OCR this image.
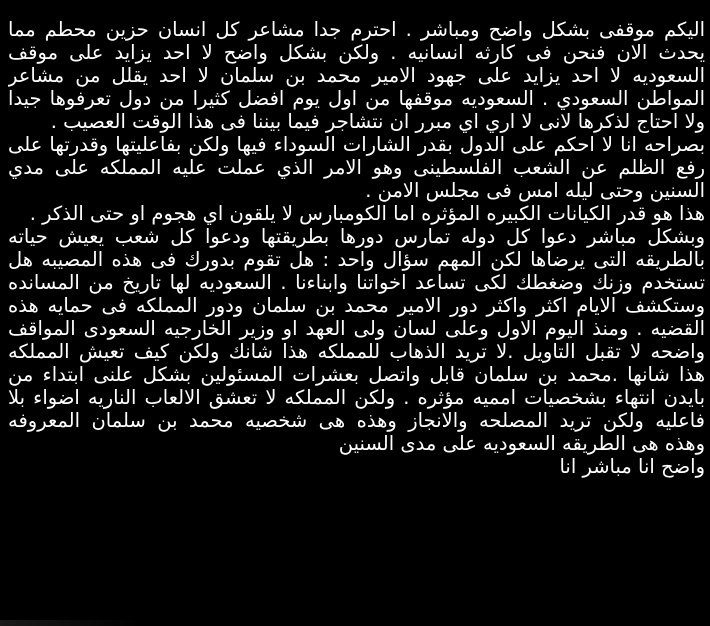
اليكم موقفى بشكل واضح ومباشر . احترم جدا مشاعر كل انسان حزين محطم مما
يحدث الان فنحن فى كارثه انسانيه . ولكن بشكل واضح لا احد يزايد على موقف
السعوديه لا احد يزايد على جهود الامير محمد بن سلمان لا احد يقلل من مشاعر
المواطن السعودي . السعوديه موقفها من اول يوم افضل كثيرا من دول تعرفوها جيدا
ولا احتاج لذكرها لانى لا اري اي مبرر ان نتشاجر فيما بيننا فى هذا الوقت العصيب .
بصراحه انا لا احكم على الدول بقدر الشارات السوداء فيها ولكن بفاعليتها وقدرتها على
رفع الظلم عن الشعب الفلسطينى وهو الامر الذي عملت عليه المملكه على مدي
السنين وحتى ليله امس فى مجلس الامن .
هذا هو قدر الكيانات الكبيره المؤثره اما الكومبارس لا يلقون اي هجوم او حتى الذكر .
وبشكل مباشر دعوا كل دوله تمارس دورها بطريقتها ودعوا كل شعب يعيش حياته
بالطريقه التى يرضاها لكن المهم سؤال واحد : هل تقوم بدورك فى هذه المصيبه هل
تستخدم وزنك وضغطك لكى تساعد اخواتنا وابناءنا . السعوديه لها تاريخ من المسانده
وستكشف الايام اكثر واكثر دور الامير محمد بن سلمان ودور المملكه فى حمايه هذه
القضيه . ومنذ اليوم الاول وعلى لسان ولى العهد او وزير الخارجيه السعودى المواقف
واضحه لا تقبل التاويل .لا تريد الذهاب للمملكه هذا شانك ولكن كيف تعيش المملكه
هذا شانها .محمد بن سلمان قابل واتصل بعشرات المسئولين بشكل علنى ابتداء من
بايدن انتهاء بشخصيات امميه مؤثره . ولكن المملكه لا تعشق الالعاب الناريه اضواء بلا
فاعليه ولكن تريد المصلحه والانجاز وهذه هى شخصيه محمد بن سلمان المعروفه
وهذه هى الطريقه السعوديه على مدى السنين
واضح انا مباشر انا
